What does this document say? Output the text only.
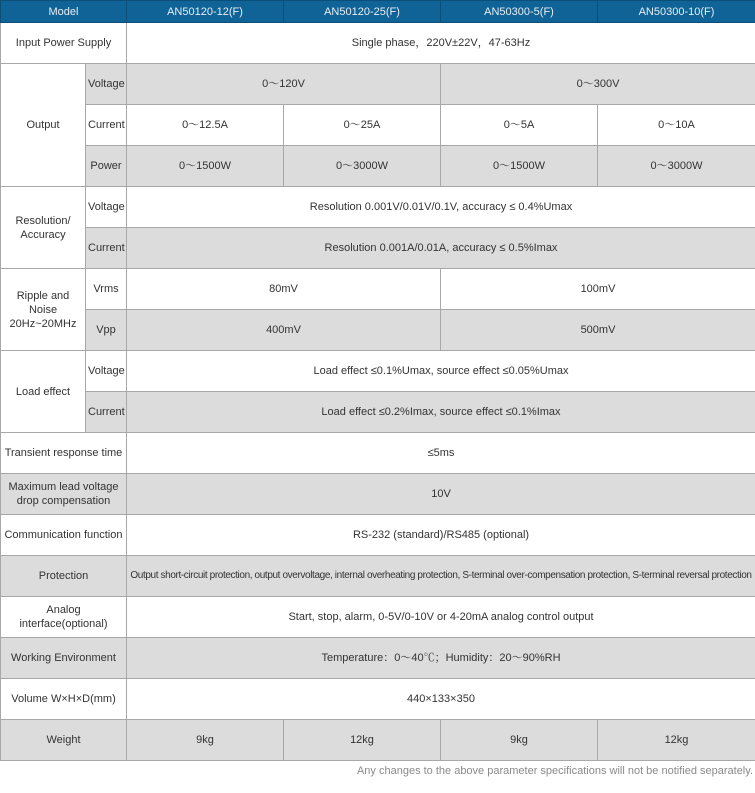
Model		AN50120-12(F)	AN50120-25(F)	AN50300-5(F)	AN50300-10(F)
Input Power Supply		Single phase，220V±22V，47-63Hz			
Output	Voltage	0～120V		0～300V	
	Current	0～12.5A	0～25A	0～5A	0～10A
	Power	0～1500W	0～3000W	0～1500W	0～3000W
Resolution/ Accuracy	Voltage	Resolution 0.001V/0.01V/0.1V, accuracy ≤ 0.4%Umax			
	Current	Resolution 0.001A/0.01A, accuracy ≤ 0.5%Imax			
Ripple and Noise 20Hz~20MHz	Vrms	80mV		100mV	
	Vpp	400mV		500mV	
Load effect	Voltage	Load effect ≤0.1%Umax, source effect ≤0.05%Umax			
	Current	Load effect ≤0.2%Imax, source effect ≤0.1%Imax			
Transient response time		≤5ms			
Maximum lead voltage drop compensation		10V			
Communication function		RS-232 (standard)/RS485 (optional)			
Protection		Output short-circuit protection, output overvoltage, internal overheating protection, S-terminal over-compensation protection, S-terminal reversal protection			
Analog interface(optional)		Start, stop, alarm, 0-5V/0-10V or 4-20mA analog control output			
Working Environment		Temperature：0～40℃；Humidity：20～90%RH			
Volume W×H×D(mm)		440×133×350			
Weight		9kg	12kg	9kg	12kg
Any changes to the above parameter specifications will not be notified separately.
